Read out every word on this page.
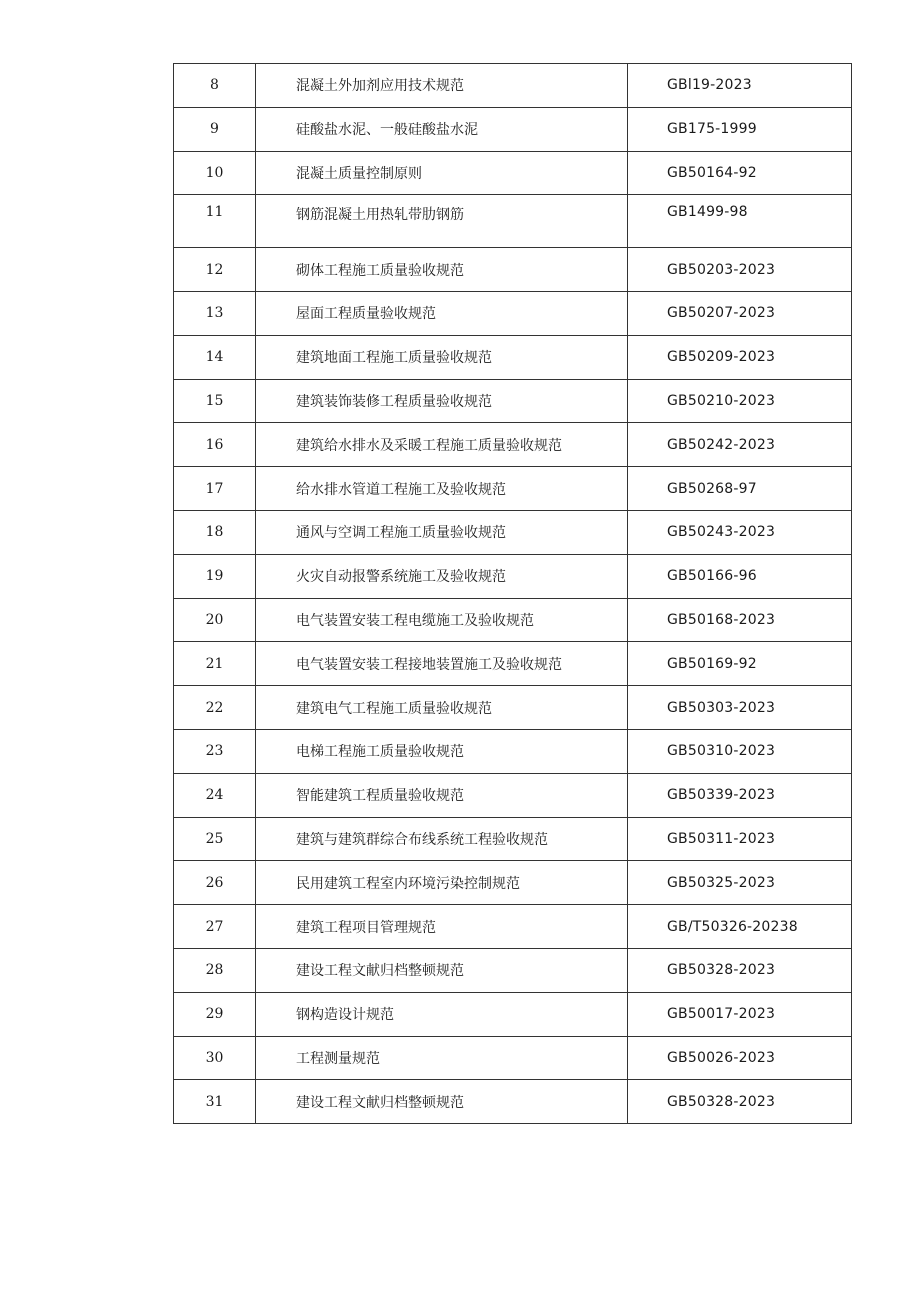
8	混凝土外加剂应用技术规范	GBl19-2023
9	硅酸盐水泥、一般硅酸盐水泥	GB175-1999
10	混凝土质量控制原则	GB50164-92
11	钢筋混凝土用热轧带肋钢筋	GB1499-98
12	砌体工程施工质量验收规范	GB50203-2023
13	屋面工程质量验收规范	GB50207-2023
14	建筑地面工程施工质量验收规范	GB50209-2023
15	建筑装饰装修工程质量验收规范	GB50210-2023
16	建筑给水排水及采暖工程施工质量验收规范	GB50242-2023
17	给水排水管道工程施工及验收规范	GB50268-97
18	通风与空调工程施工质量验收规范	GB50243-2023
19	火灾自动报警系统施工及验收规范	GB50166-96
20	电气装置安装工程电缆施工及验收规范	GB50168-2023
21	电气装置安装工程接地装置施工及验收规范	GB50169-92
22	建筑电气工程施工质量验收规范	GB50303-2023
23	电梯工程施工质量验收规范	GB50310-2023
24	智能建筑工程质量验收规范	GB50339-2023
25	建筑与建筑群综合布线系统工程验收规范	GB50311-2023
26	民用建筑工程室内环境污染控制规范	GB50325-2023
27	建筑工程项目管理规范	GB/T50326-20238
28	建设工程文献归档整顿规范	GB50328-2023
29	钢构造设计规范	GB50017-2023
30	工程测量规范	GB50026-2023
31	建设工程文献归档整顿规范	GB50328-2023
